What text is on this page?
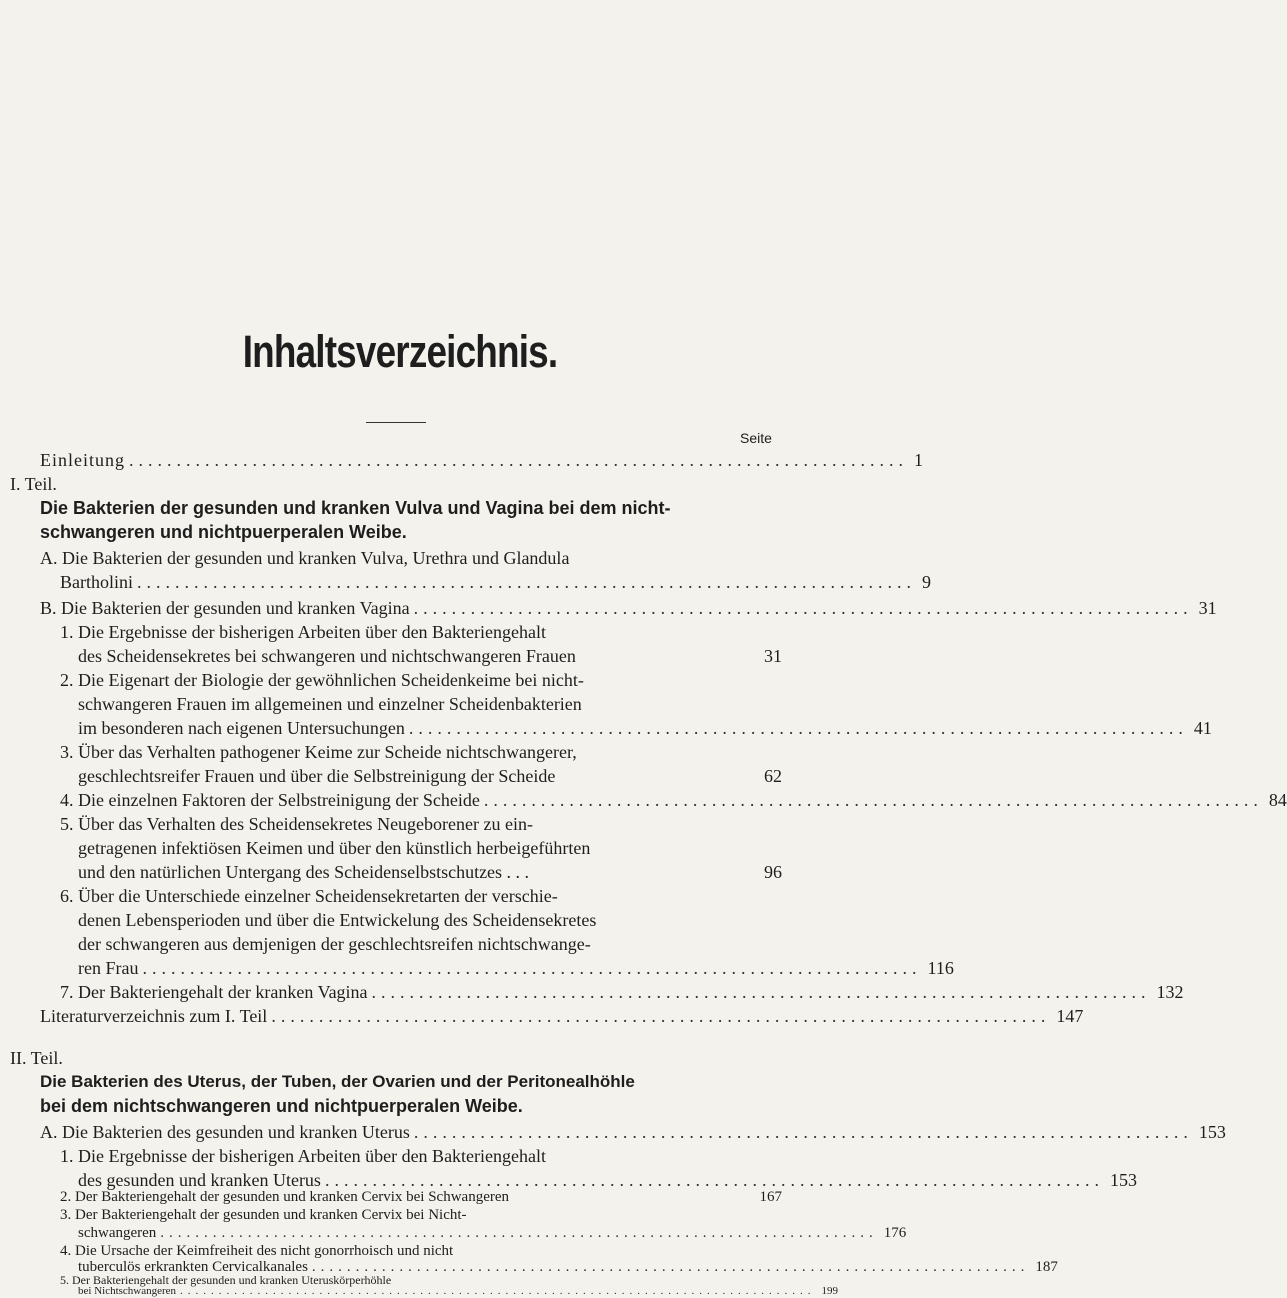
Inhaltsverzeichnis.
Seite
Einleitung .................................................................................. 1
I. Teil.
Die Bakterien der gesunden und kranken Vulva und Vagina bei dem nicht-
schwangeren und nichtpuerperalen Weibe.
A. Die Bakterien der gesunden und kranken Vulva, Urethra und Glandula
Bartholini .................................................................................. 9
B. Die Bakterien der gesunden und kranken Vagina .................................................................................. 31
1. Die Ergebnisse der bisherigen Arbeiten über den Bakteriengehalt
des Scheidensekretes bei schwangeren und nichtschwangeren Frauen	31
2. Die Eigenart der Biologie der gewöhnlichen Scheidenkeime bei nicht-
schwangeren Frauen im allgemeinen und einzelner Scheidenbakterien
im besonderen nach eigenen Untersuchungen .................................................................................. 41
3. Über das Verhalten pathogener Keime zur Scheide nichtschwangerer,
geschlechtsreifer Frauen und über die Selbstreinigung der Scheide	62
4. Die einzelnen Faktoren der Selbstreinigung der Scheide .................................................................................. 84
5. Über das Verhalten des Scheidensekretes Neugeborener zu ein-
getragenen infektiösen Keimen und über den künstlich herbeigeführten
und den natürlichen Untergang des Scheidenselbstschutzes . . .	96
6. Über die Unterschiede einzelner Scheidensekretarten der verschie-
denen Lebensperioden und über die Entwickelung des Scheidensekretes
der schwangeren aus demjenigen der geschlechtsreifen nichtschwange-
ren Frau .................................................................................. 116
7. Der Bakteriengehalt der kranken Vagina .................................................................................. 132
Literaturverzeichnis zum I. Teil .................................................................................. 147
II. Teil.
Die Bakterien des Uterus, der Tuben, der Ovarien und der Peritonealhöhle
bei dem nichtschwangeren und nichtpuerperalen Weibe.
A. Die Bakterien des gesunden und kranken Uterus .................................................................................. 153
1. Die Ergebnisse der bisherigen Arbeiten über den Bakteriengehalt
des gesunden und kranken Uterus .................................................................................. 153
2. Der Bakteriengehalt der gesunden und kranken Cervix bei Schwangeren	167
3. Der Bakteriengehalt der gesunden und kranken Cervix bei Nicht-
schwangeren .................................................................................. 176
4. Die Ursache der Keimfreiheit des nicht gonorrhoisch und nicht
tuberculös erkrankten Cervicalkanales .................................................................................. 187
5. Der Bakteriengehalt der gesunden und kranken Uteruskörperhöhle
bei Nichtschwangeren .................................................................................. 199
